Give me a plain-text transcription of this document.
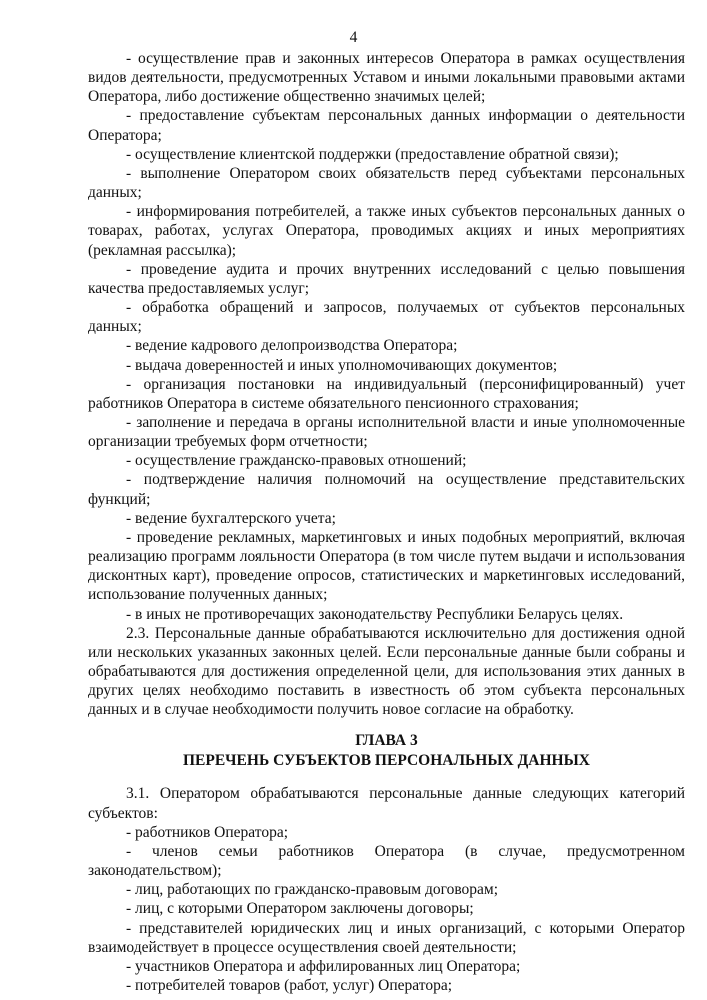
4

- осуществление прав и законных интересов Оператора в рамках осуществления видов деятельности, предусмотренных Уставом и иными локальными правовыми актами Оператора, либо достижение общественно значимых целей;

- предоставление субъектам персональных данных информации о деятельности Оператора;

- осуществление клиентской поддержки (предоставление обратной связи);

- выполнение Оператором своих обязательств перед субъектами персональных данных;

- информирования потребителей, а также иных субъектов персональных данных о товарах, работах, услугах Оператора, проводимых акциях и иных мероприятиях (рекламная рассылка);

- проведение аудита и прочих внутренних исследований с целью повышения качества предоставляемых услуг;

- обработка обращений и запросов, получаемых от субъектов персональных данных;

- ведение кадрового делопроизводства Оператора;

- выдача доверенностей и иных уполномочивающих документов;

- организация постановки на индивидуальный (персонифицированный) учет работников Оператора в системе обязательного пенсионного страхования;

- заполнение и передача в органы исполнительной власти и иные уполномоченные организации требуемых форм отчетности;

- осуществление гражданско-правовых отношений;

- подтверждение наличия полномочий на осуществление представительских функций;

- ведение бухгалтерского учета;

- проведение рекламных, маркетинговых и иных подобных мероприятий, включая реализацию программ лояльности Оператора (в том числе путем выдачи и использования дисконтных карт), проведение опросов, статистических и маркетинговых исследований, использование полученных данных;

- в иных не противоречащих законодательству Республики Беларусь целях.

2.3. Персональные данные обрабатываются исключительно для достижения одной или нескольких указанных законных целей. Если персональные данные были собраны и обрабатываются для достижения определенной цели, для использования этих данных в других целях необходимо поставить в известность об этом субъекта персональных данных и в случае необходимости получить новое согласие на обработку.

ГЛАВА 3
ПЕРЕЧЕНЬ СУБЪЕКТОВ ПЕРСОНАЛЬНЫХ ДАННЫХ

3.1. Оператором обрабатываются персональные данные следующих категорий субъектов:

- работников Оператора;

- членов семьи работников Оператора (в случае, предусмотренном законодательством);

- лиц, работающих по гражданско-правовым договорам;

- лиц, с которыми Оператором заключены договоры;

- представителей юридических лиц и иных организаций, с которыми Оператор взаимодействует в процессе осуществления своей деятельности;

- участников Оператора и аффилированных лиц Оператора;

- потребителей товаров (работ, услуг) Оператора;
